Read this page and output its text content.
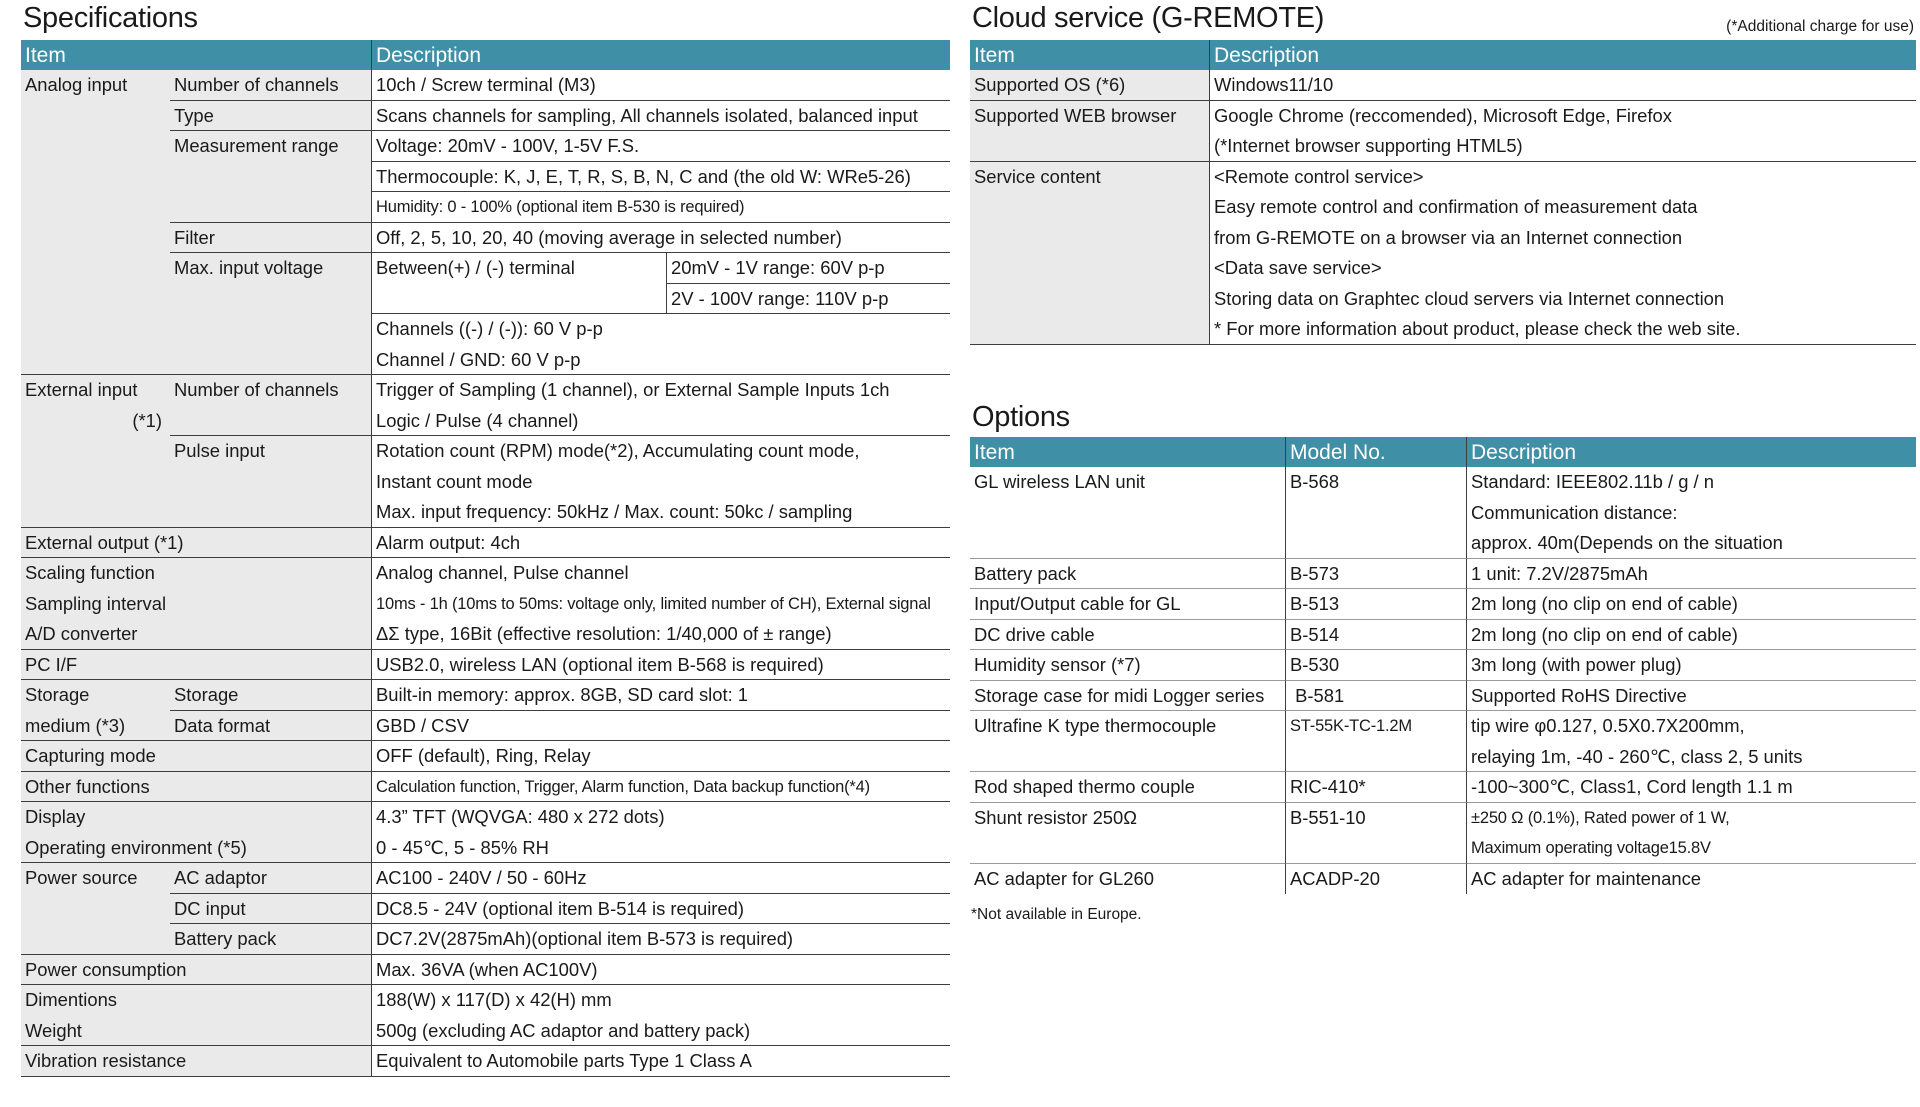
Specifications
Item	Description
Analog input	Number of channels	10ch / Screw terminal (M3)
Type	Scans channels for sampling, All channels isolated, balanced input
Measurement range	Voltage: 20mV - 100V, 1-5V F.S.
Thermocouple: K, J, E, T, R, S, B, N, C and (the old W: WRe5-26)
Humidity: 0 - 100% (optional item B-530 is required)
Filter	Off, 2, 5, 10, 20, 40 (moving average in selected number)
Max. input voltage	Between(+) / (-) terminal	20mV - 1V range: 60V p-p
2V - 100V range: 110V p-p
Channels ((-) / (-)): 60 V p-p
Channel / GND: 60 V p-p
External input
(*1)
Number of channels	Trigger of Sampling (1 channel), or External Sample Inputs 1ch
Logic / Pulse (4 channel)
Pulse input	Rotation count (RPM) mode(*2), Accumulating count mode,
Instant count mode
Max. input frequency: 50kHz / Max. count: 50kc / sampling
External output (*1)	Alarm output: 4ch
Scaling function	Analog channel, Pulse channel
Sampling interval	10ms - 1h (10ms to 50ms: voltage only, limited number of CH), External signal
A/D converter	ΔΣ type, 16Bit (effective resolution: 1/40,000 of ± range)
PC I/F	USB2.0, wireless LAN (optional item B-568 is required)
Storage
medium (*3)
Storage	Built-in memory: approx. 8GB, SD card slot: 1
Data format	GBD / CSV
Capturing mode	OFF (default), Ring, Relay
Other functions	Calculation function, Trigger, Alarm function, Data backup function(*4)
Display	4.3” TFT (WQVGA: 480 x 272 dots)
Operating environment (*5)	0 - 45℃, 5 - 85% RH
Power source	AC adaptor	AC100 - 240V / 50 - 60Hz
DC input	DC8.5 - 24V (optional item B-514 is required)
Battery pack	DC7.2V(2875mAh)(optional item B-573 is required)
Power consumption	Max. 36VA (when AC100V)
Dimentions	188(W) x 117(D) x 42(H) mm
Weight	500g (excluding AC adaptor and battery pack)
Vibration resistance	Equivalent to Automobile parts Type 1 Class A
Cloud service (G-REMOTE)	(*Additional charge for use)
Item	Description
Supported OS (*6)	Windows11/10
Supported WEB browser	Google Chrome (reccomended), Microsoft Edge, Firefox
(*Internet browser supporting HTML5)
Service content	<Remote control service>
Easy remote control and confirmation of measurement data
from G-REMOTE on a browser via an Internet connection
<Data save service>
Storing data on Graphtec cloud servers via Internet connection
* For more information about product, please check the web site.
Options
Item	Model No.	Description
GL wireless LAN unit	B-568	Standard: IEEE802.11b / g / n
Communication distance:
approx. 40m(Depends on the situation
Battery pack	B-573	1 unit: 7.2V/2875mAh
Input/Output cable for GL	B-513	2m long (no clip on end of cable)
DC drive cable	B-514	2m long (no clip on end of cable)
Humidity sensor (*7)	B-530	3m long (with power plug)
Storage case for midi Logger series	B-581	Supported RoHS Directive
Ultrafine K type thermocouple	ST-55K-TC-1.2M	tip wire φ0.127, 0.5X0.7X200mm,
relaying 1m, -40 - 260℃, class 2, 5 units
Rod shaped thermo couple	RIC-410*	-100~300℃, Class1, Cord length 1.1 m
Shunt resistor 250Ω	B-551-10	±250 Ω (0.1%), Rated power of 1 W,
Maximum operating voltage15.8V
AC adapter for GL260	ACADP-20	AC adapter for maintenance
*Not available in Europe.
